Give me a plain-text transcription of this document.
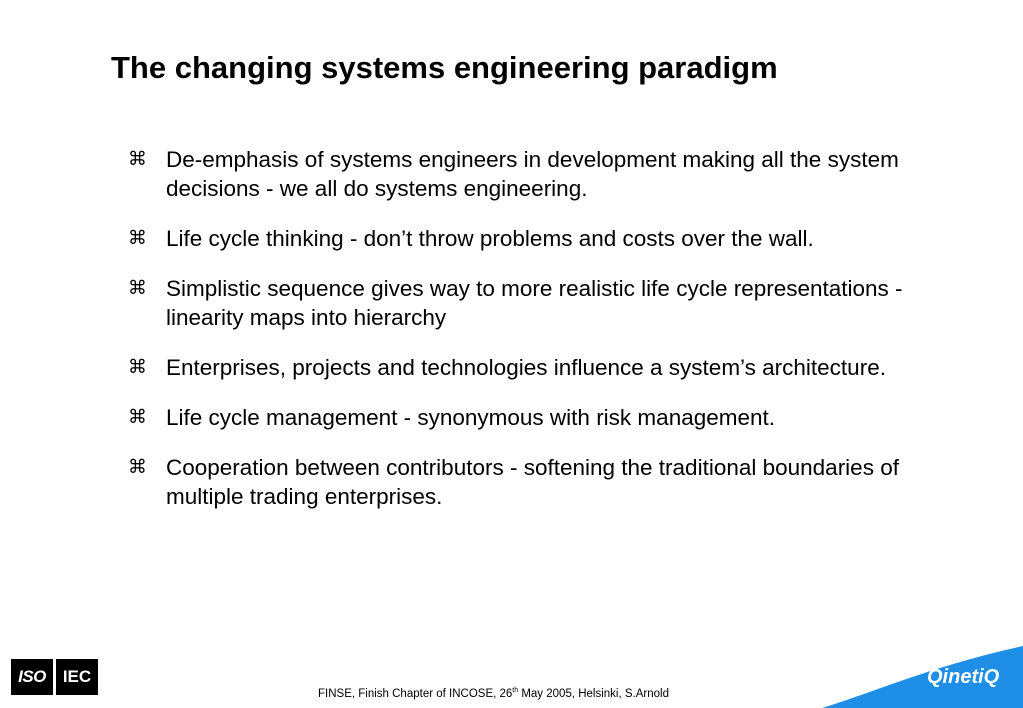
The changing systems engineering paradigm
⌘ De-emphasis of systems engineers in development making all the system decisions - we all do systems engineering.
⌘ Life cycle thinking - don’t throw problems and costs over the wall.
⌘ Simplistic sequence gives way to more realistic life cycle representations - linearity maps into hierarchy
⌘ Enterprises, projects and technologies influence a system’s architecture.
⌘ Life cycle management - synonymous with risk management.
⌘ Cooperation between contributors - softening the traditional boundaries of multiple trading enterprises.
ISO IEC
FINSE, Finish Chapter of INCOSE, 26th May 2005, Helsinki, S.Arnold
QinetiQ
